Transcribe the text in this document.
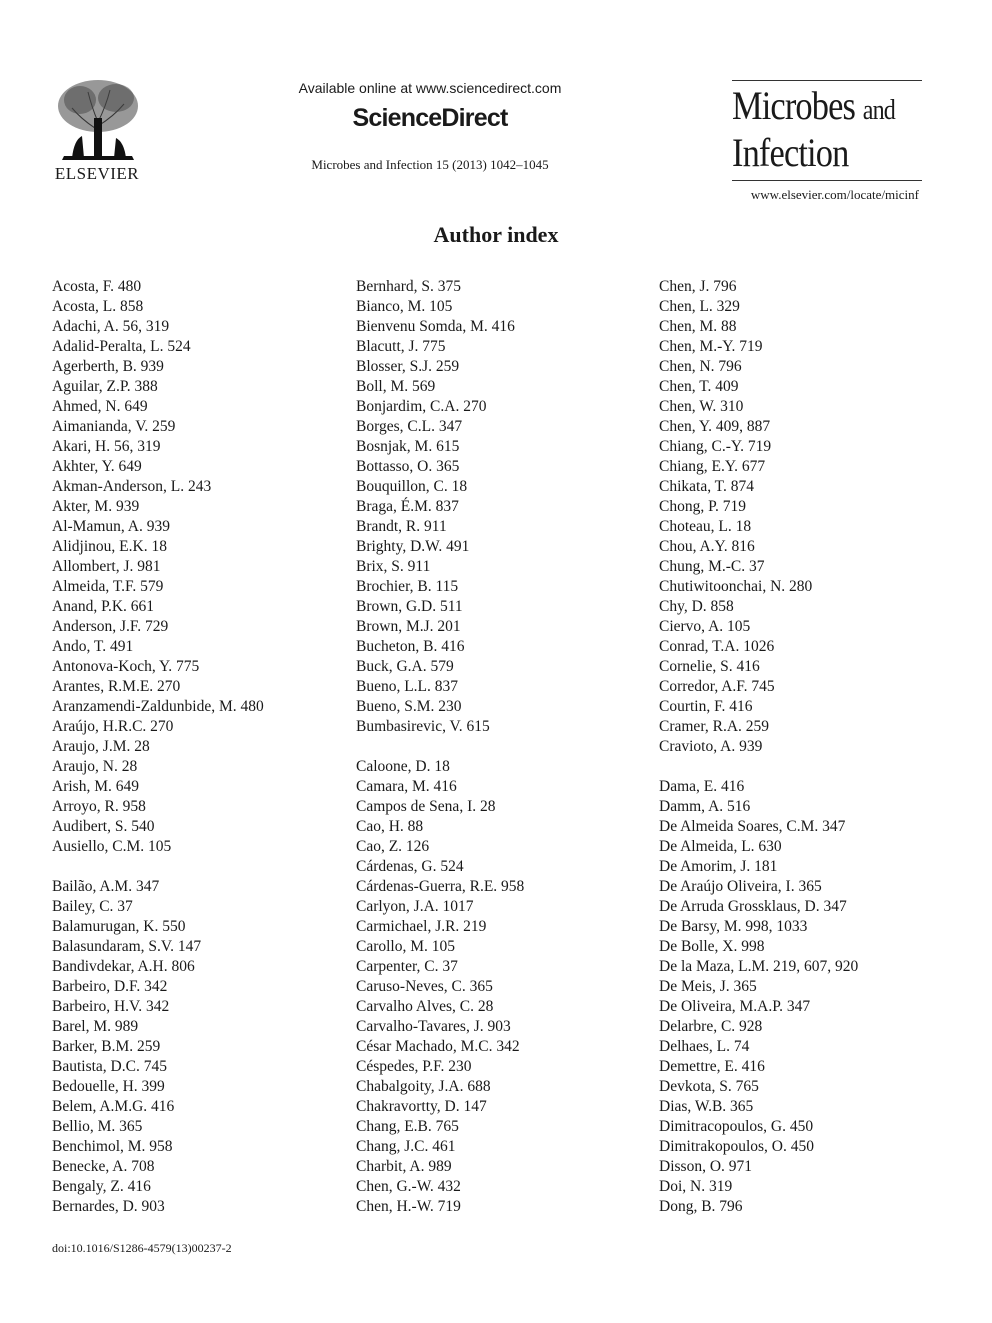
ELSEVIER
Available online at www.sciencedirect.com
ScienceDirect
Microbes and Infection 15 (2013) 1042–1045
Microbes and
Infection
www.elsevier.com/locate/micinf
Author index
Acosta, F. 480
Acosta, L. 858
Adachi, A. 56, 319
Adalid-Peralta, L. 524
Agerberth, B. 939
Aguilar, Z.P. 388
Ahmed, N. 649
Aimanianda, V. 259
Akari, H. 56, 319
Akhter, Y. 649
Akman-Anderson, L. 243
Akter, M. 939
Al-Mamun, A. 939
Alidjinou, E.K. 18
Allombert, J. 981
Almeida, T.F. 579
Anand, P.K. 661
Anderson, J.F. 729
Ando, T. 491
Antonova-Koch, Y. 775
Arantes, R.M.E. 270
Aranzamendi-Zaldunbide, M. 480
Araújo, H.R.C. 270
Araujo, J.M. 28
Araujo, N. 28
Arish, M. 649
Arroyo, R. 958
Audibert, S. 540
Ausiello, C.M. 105
Bailão, A.M. 347
Bailey, C. 37
Balamurugan, K. 550
Balasundaram, S.V. 147
Bandivdekar, A.H. 806
Barbeiro, D.F. 342
Barbeiro, H.V. 342
Barel, M. 989
Barker, B.M. 259
Bautista, D.C. 745
Bedouelle, H. 399
Belem, A.M.G. 416
Bellio, M. 365
Benchimol, M. 958
Benecke, A. 708
Bengaly, Z. 416
Bernardes, D. 903
Bernhard, S. 375
Bianco, M. 105
Bienvenu Somda, M. 416
Blacutt, J. 775
Blosser, S.J. 259
Boll, M. 569
Bonjardim, C.A. 270
Borges, C.L. 347
Bosnjak, M. 615
Bottasso, O. 365
Bouquillon, C. 18
Braga, É.M. 837
Brandt, R. 911
Brighty, D.W. 491
Brix, S. 911
Brochier, B. 115
Brown, G.D. 511
Brown, M.J. 201
Bucheton, B. 416
Buck, G.A. 579
Bueno, L.L. 837
Bueno, S.M. 230
Bumbasirevic, V. 615
Caloone, D. 18
Camara, M. 416
Campos de Sena, I. 28
Cao, H. 88
Cao, Z. 126
Cárdenas, G. 524
Cárdenas-Guerra, R.E. 958
Carlyon, J.A. 1017
Carmichael, J.R. 219
Carollo, M. 105
Carpenter, C. 37
Caruso-Neves, C. 365
Carvalho Alves, C. 28
Carvalho-Tavares, J. 903
César Machado, M.C. 342
Céspedes, P.F. 230
Chabalgoity, J.A. 688
Chakravortty, D. 147
Chang, E.B. 765
Chang, J.C. 461
Charbit, A. 989
Chen, G.-W. 432
Chen, H.-W. 719
Chen, J. 796
Chen, L. 329
Chen, M. 88
Chen, M.-Y. 719
Chen, N. 796
Chen, T. 409
Chen, W. 310
Chen, Y. 409, 887
Chiang, C.-Y. 719
Chiang, E.Y. 677
Chikata, T. 874
Chong, P. 719
Choteau, L. 18
Chou, A.Y. 816
Chung, M.-C. 37
Chutiwitoonchai, N. 280
Chy, D. 858
Ciervo, A. 105
Conrad, T.A. 1026
Cornelie, S. 416
Corredor, A.F. 745
Courtin, F. 416
Cramer, R.A. 259
Cravioto, A. 939
Dama, E. 416
Damm, A. 516
De Almeida Soares, C.M. 347
De Almeida, L. 630
De Amorim, J. 181
De Araújo Oliveira, I. 365
De Arruda Grossklaus, D. 347
De Barsy, M. 998, 1033
De Bolle, X. 998
De la Maza, L.M. 219, 607, 920
De Meis, J. 365
De Oliveira, M.A.P. 347
Delarbre, C. 928
Delhaes, L. 74
Demettre, E. 416
Devkota, S. 765
Dias, W.B. 365
Dimitracopoulos, G. 450
Dimitrakopoulos, O. 450
Disson, O. 971
Doi, N. 319
Dong, B. 796
doi:10.1016/S1286-4579(13)00237-2
